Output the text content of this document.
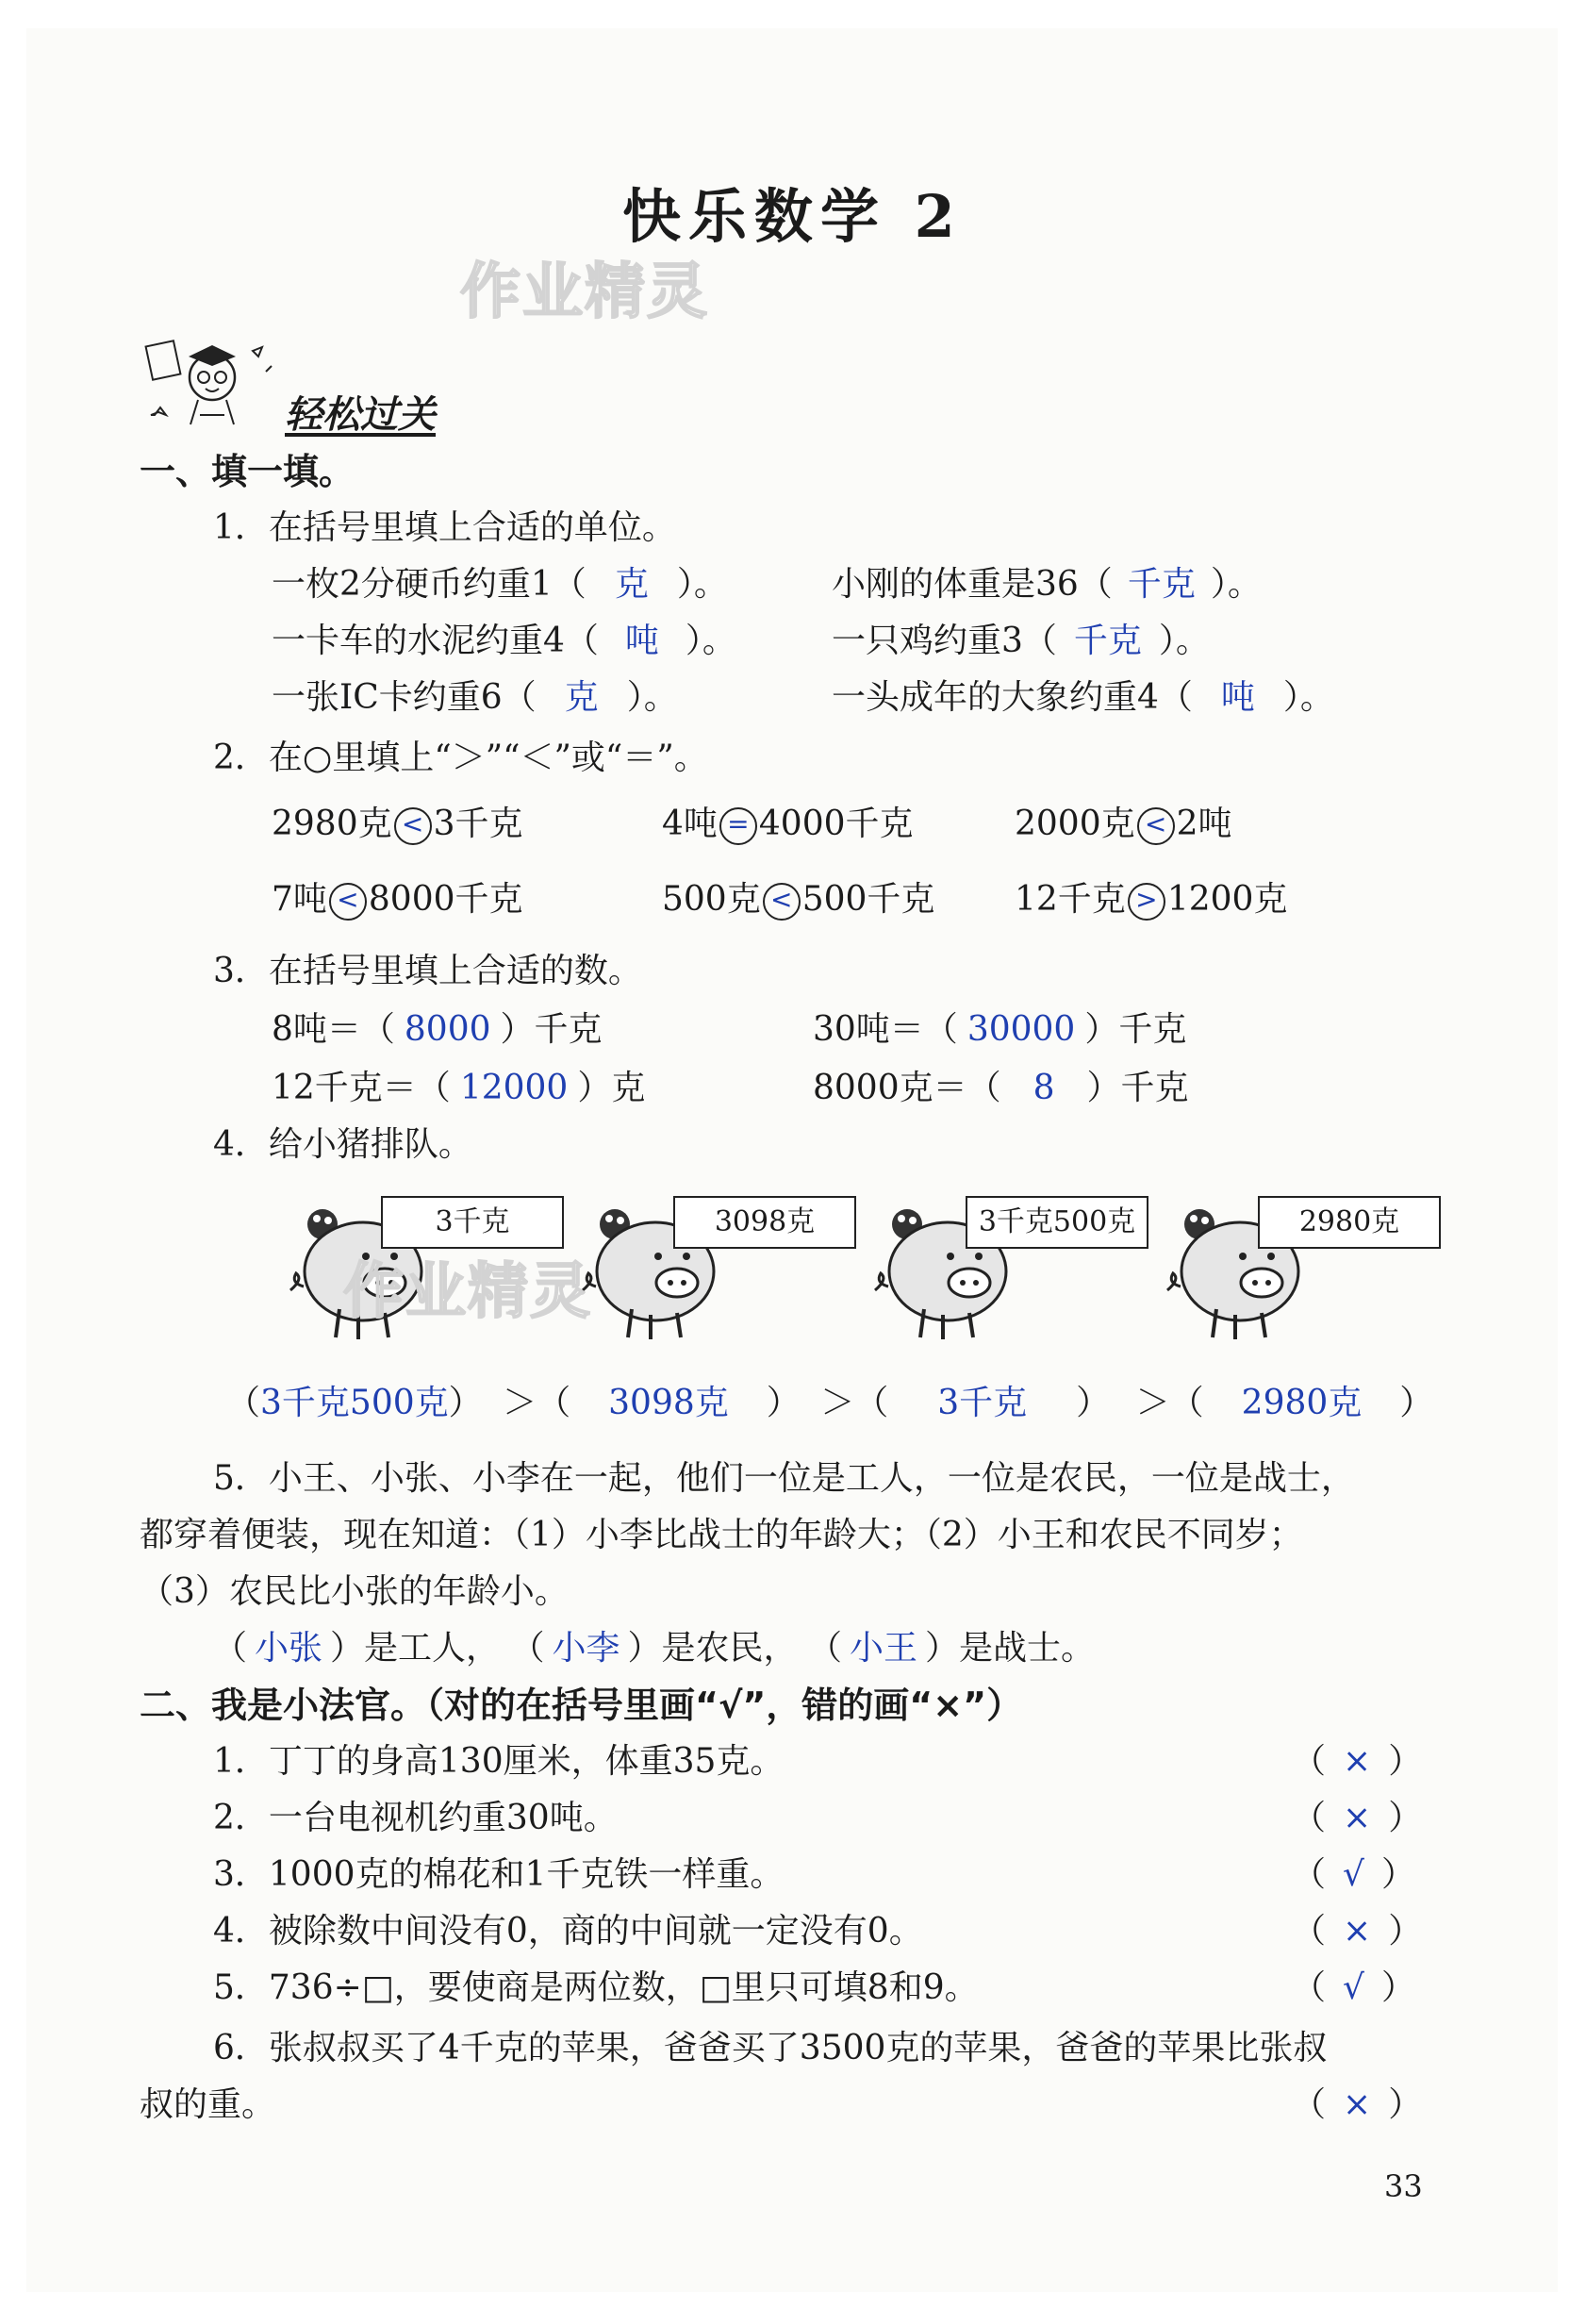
快乐数学 2
作业精灵
轻松过关
一、填一填。
1．在括号里填上合适的单位。
一枚2分硬币约重1（ 克 ）。	小刚的体重是36（ 千克 ）。
一卡车的水泥约重4（ 吨 ）。	一只鸡约重3（ 千克 ）。
一张IC卡约重6（ 克 ）。	一头成年的大象约重4（ 吨 ）。
2．在○里填上“＞”“＜”或“＝”。
2980克 < 3千克	4吨 = 4000千克	2000克 < 2吨
7吨 < 8000千克	500克 < 500千克 12千克 > 1200克
3．在括号里填上合适的数。
8吨＝（ 8000 ）千克	30吨＝（ 30000 ）千克
12千克＝（ 12000 ）克	8000克＝（ 8 ）千克
4．给小猪排队。
3千克	3098克	3千克500克	2980克
作业精灵
（3千克500克） ＞（ 3098克 ） ＞（ 3千克 ） ＞（ 2980克 ）
5．小王、小张、小李在一起，他们一位是工人，一位是农民，一位是战士，
都穿着便装，现在知道：（1）小李比战士的年龄大；（2）小王和农民不同岁；
（3）农民比小张的年龄小。
（ 小张 ）是工人， （ 小李 ）是农民， （ 小王 ）是战士。
二、我是小法官。（对的在括号里画“√”，错的画“×”）
1．丁丁的身高130厘米，体重35克。	（ × ）
2．一台电视机约重30吨。	（ × ）
3．1000克的棉花和1千克铁一样重。	（ √ ）
4．被除数中间没有0，商的中间就一定没有0。	（ × ）
5．736÷□，要使商是两位数，□里只可填8和9。	（ √ ）
6．张叔叔买了4千克的苹果，爸爸买了3500克的苹果，爸爸的苹果比张叔
叔的重。	（ × ）
33
